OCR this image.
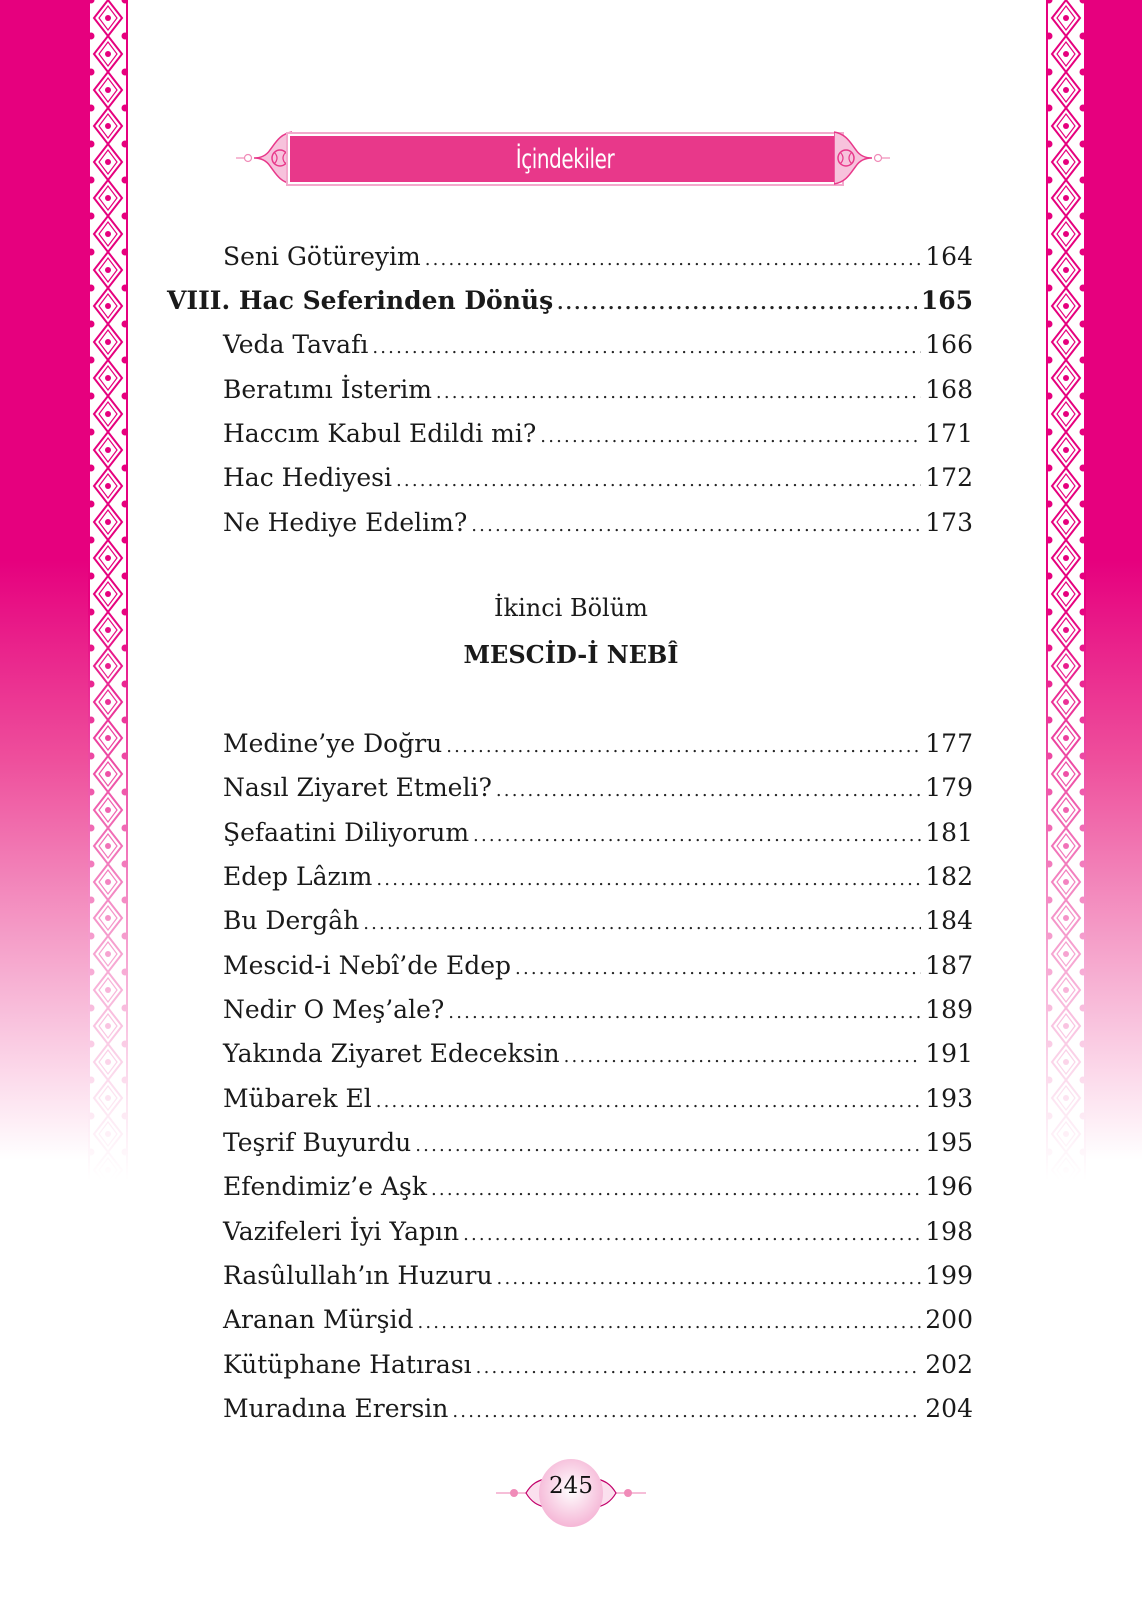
İçindekiler
Seni Götüreyim .....	164
VIII. Hac Seferinden Dönüş .....	165
Veda Tavafı .....	166
Beratımı İsterim .....	168
Haccım Kabul Edildi mi? .....	171
Hac Hediyesi .....	172
Ne Hediye Edelim? .....	173
İkinci Bölüm
MESCİD-İ NEBÎ
Medine’ye Doğru .....	177
Nasıl Ziyaret Etmeli? .....	179
Şefaatini Diliyorum .....	181
Edep Lâzım .....	182
Bu Dergâh .....	184
Mescid-i Nebî’de Edep .....	187
Nedir O Meş’ale? .....	189
Yakında Ziyaret Edeceksin .....	191
Mübarek El .....	193
Teşrif Buyurdu .....	195
Efendimiz’e Aşk .....	196
Vazifeleri İyi Yapın .....	198
Rasûlullah’ın Huzuru .....	199
Aranan Mürşid .....	200
Kütüphane Hatırası .....	202
Muradına Erersin .....	204
245
